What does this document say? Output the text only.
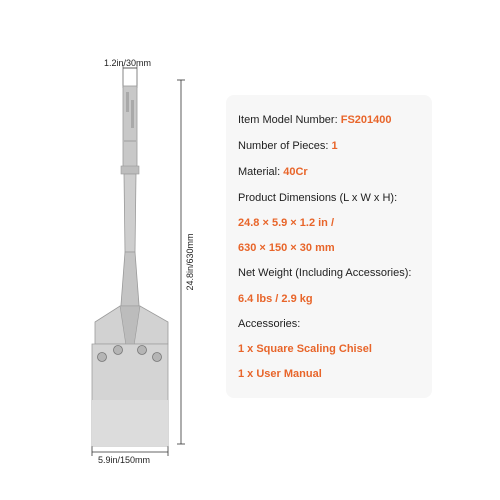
1.2in/30mm
24.8in/630mm
5.9in/150mm
Item Model Number: FS201400
Number of Pieces: 1
Material: 40Cr
Product Dimensions (L x W x H):
24.8 × 5.9 × 1.2 in /
630 × 150 × 30 mm
Net Weight (Including Accessories):
6.4 lbs / 2.9 kg
Accessories:
1 x Square Scaling Chisel
1 x User Manual
